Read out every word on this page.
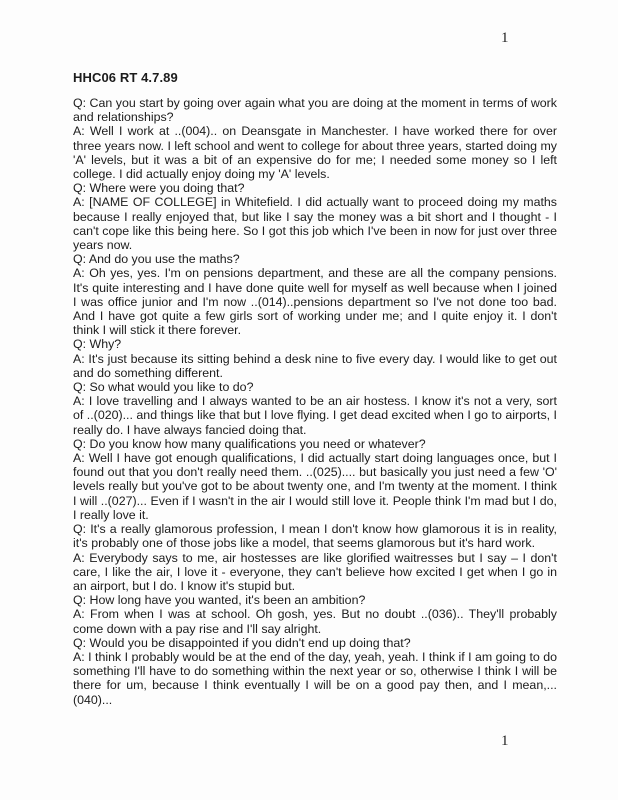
1
HHC06 RT 4.7.89

Q: Can you start by going over again what you are doing at the moment in terms of work and relationships?

A: Well I work at ..(004).. on Deansgate in Manchester. I have worked there for over three years now. I left school and went to college for about three years, started doing my 'A' levels, but it was a bit of an expensive do for me; I needed some money so I left college. I did actually enjoy doing my 'A' levels.

Q: Where were you doing that?

A: [NAME OF COLLEGE] in Whitefield. I did actually want to proceed doing my maths because I really enjoyed that, but like I say the money was a bit short and I thought - I can't cope like this being here. So I got this job which I've been in now for just over three years now.

Q: And do you use the maths?

A: Oh yes, yes. I'm on pensions department, and these are all the company pensions. It's quite interesting and I have done quite well for myself as well because when I joined I was office junior and I'm now ..(014)..pensions department so I've not done too bad. And I have got quite a few girls sort of working under me; and I quite enjoy it. I don't think I will stick it there forever.

Q: Why?

A: It's just because its sitting behind a desk nine to five every day. I would like to get out and do something different.

Q: So what would you like to do?

A: I love travelling and I always wanted to be an air hostess. I know it's not a very, sort of ..(020)... and things like that but I love flying. I get dead excited when I go to airports, I really do. I have always fancied doing that.

Q: Do you know how many qualifications you need or whatever?

A: Well I have got enough qualifications, I did actually start doing languages once, but I found out that you don't really need them. ..(025).... but basically you just need a few 'O' levels really but you've got to be about twenty one, and I'm twenty at the moment. I think I will ..(027)... Even if I wasn't in the air I would still love it. People think I'm mad but I do, I really love it.

Q: It's a really glamorous profession, I mean I don't know how glamorous it is in reality, it's probably one of those jobs like a model, that seems glamorous but it's hard work.

A: Everybody says to me, air hostesses are like glorified waitresses but I say – I don't care, I like the air, I love it - everyone, they can't believe how excited I get when I go in an airport, but I do. I know it's stupid but.

Q: How long have you wanted, it's been an ambition?

A: From when I was at school. Oh gosh, yes. But no doubt ..(036).. They'll probably come down with a pay rise and I'll say alright.

Q: Would you be disappointed if you didn't end up doing that?

A: I think I probably would be at the end of the day, yeah, yeah. I think if I am going to do something I'll have to do something within the next year or so, otherwise I think I will be there for um, because I think eventually I will be on a good pay then, and I mean,...(040)...

1
